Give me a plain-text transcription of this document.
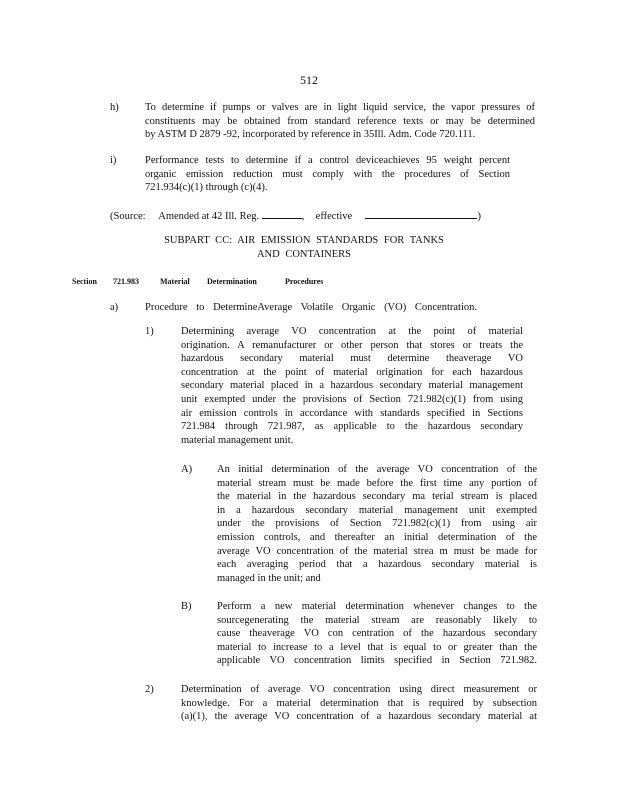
512
h)	To determine if pumps or valves are in light liquid service, the vapor pressures of
constituents may be obtained from standard reference texts or may be determined
by ASTM D 2879 -92, incorporated by reference in 35Ill. Adm. Code 720.111.
i)	Performance tests to determine if a control deviceachieves 95 weight percent
organic emission reduction must comply with the procedures of Section
721.934(c)(1) through (c)(4).
(Source: Amended at 42 Ill. Reg.	, effective	)
SUBPART CC: AIR EMISSION STANDARDS FOR TANKS
AND CONTAINERS
Section 721.983	Material Determination	Procedures
a)	Procedure to DetermineAverage Volatile Organic (VO) Concentration.
1)	Determining average VO concentration at the point of material
origination. A remanufacturer or other person that stores or treats the
hazardous secondary material must determine theaverage VO
concentration at the point of material origination for each hazardous
secondary material placed in a hazardous secondary material management
unit exempted under the provisions of Section 721.982(c)(1) from using
air emission controls in accordance with standards specified in Sections
721.984 through 721.987, as applicable to the hazardous secondary
material management unit.
A) An initial determination of the average VO concentration of the
material stream must be made before the first time any portion of
the material in the hazardous secondary ma terial stream is placed
in a hazardous secondary material management unit exempted
under the provisions of Section 721.982(c)(1) from using air
emission controls, and thereafter an initial determination of the
average VO concentration of the material strea m must be made for
each averaging period that a hazardous secondary material is
managed in the unit; and
B) Perform a new material determination whenever changes to the
sourcegenerating the material stream are reasonably likely to
cause theaverage VO con centration of the hazardous secondary
material to increase to a level that is equal to or greater than the
applicable VO concentration limits specified in Section 721.982.
2)	Determination of average VO concentration using direct measurement or
knowledge. For a material determination that is required by subsection
(a)(1), the average VO concentration of a hazardous secondary material at
